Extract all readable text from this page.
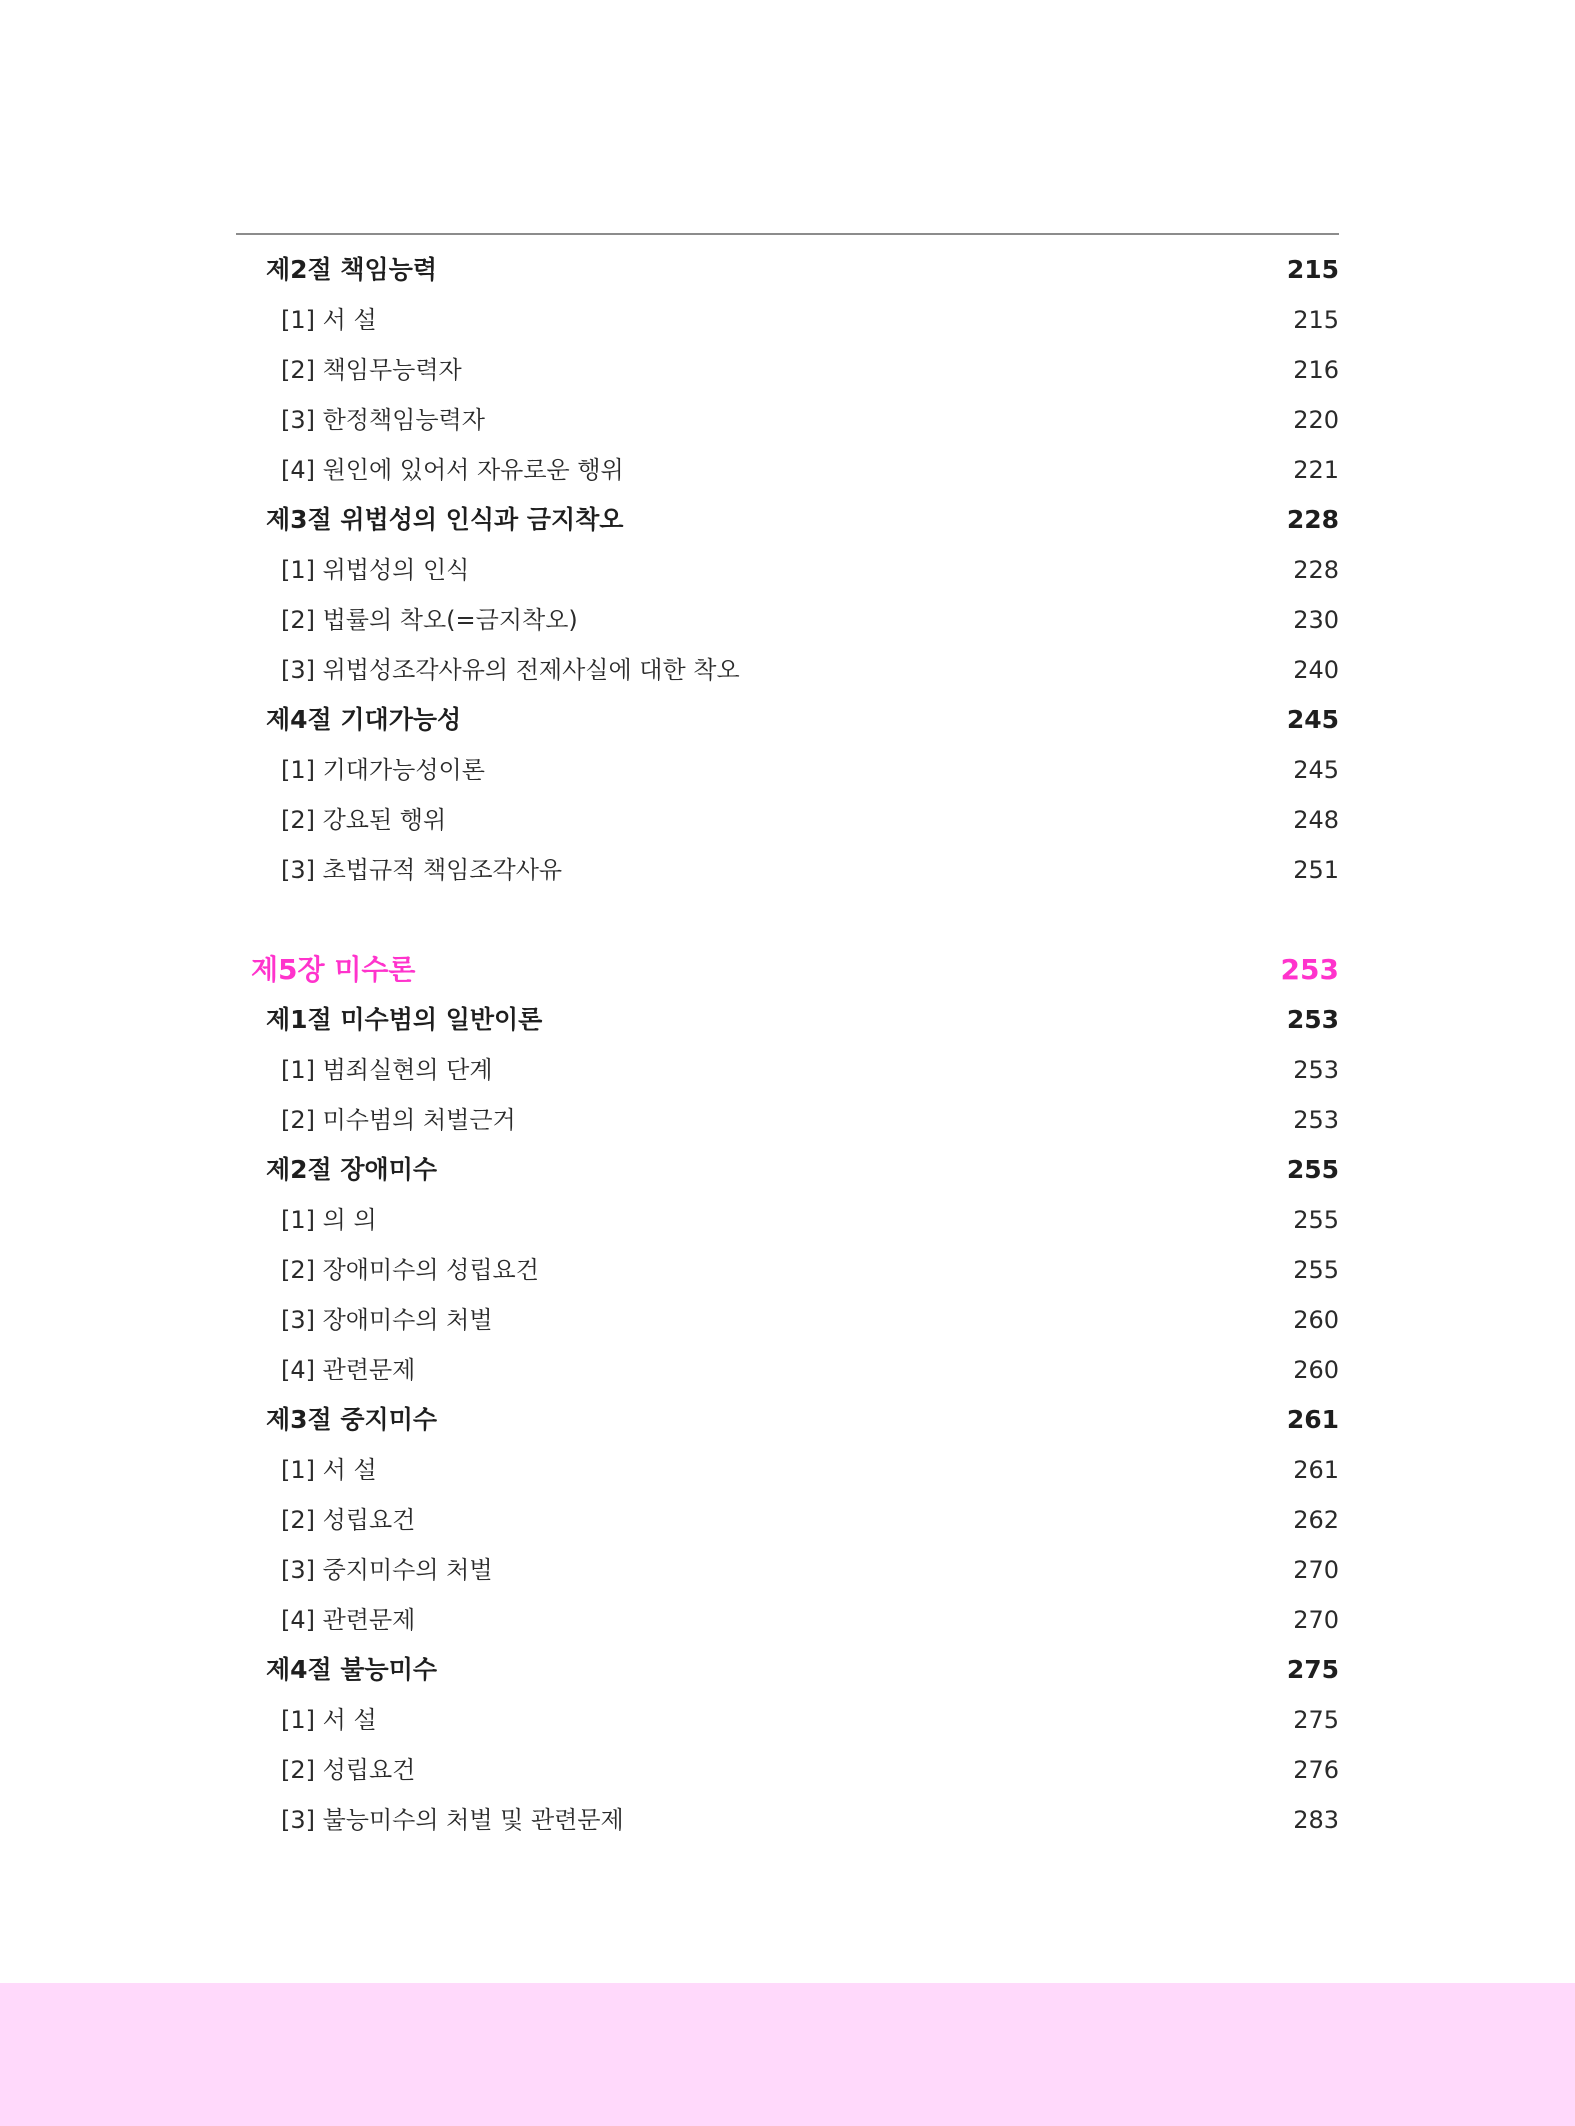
제2절 책임능력	215
[1] 서 설	215
[2] 책임무능력자	216
[3] 한정책임능력자	220
[4] 원인에 있어서 자유로운 행위	221
제3절 위법성의 인식과 금지착오	228
[1] 위법성의 인식	228
[2] 법률의 착오(=금지착오)	230
[3] 위법성조각사유의 전제사실에 대한 착오	240
제4절 기대가능성	245
[1] 기대가능성이론	245
[2] 강요된 행위	248
[3] 초법규적 책임조각사유	251
제5장 미수론	253
제1절 미수범의 일반이론	253
[1] 범죄실현의 단계	253
[2] 미수범의 처벌근거	253
제2절 장애미수	255
[1] 의 의	255
[2] 장애미수의 성립요건	255
[3] 장애미수의 처벌	260
[4] 관련문제	260
제3절 중지미수	261
[1] 서 설	261
[2] 성립요건	262
[3] 중지미수의 처벌	270
[4] 관련문제	270
제4절 불능미수	275
[1] 서 설	275
[2] 성립요건	276
[3] 불능미수의 처벌 및 관련문제	283
